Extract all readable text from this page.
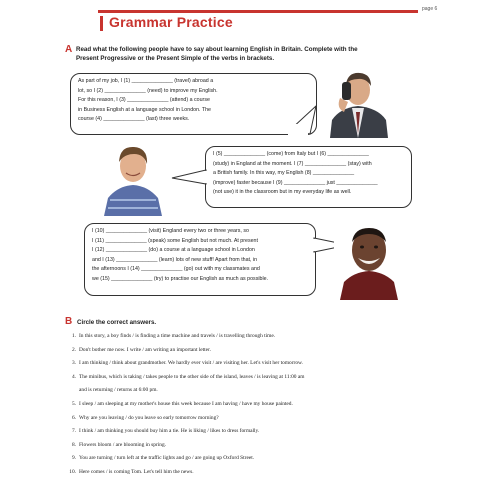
page 6
Grammar Practice
A Read what the following people have to say about learning English in Britain. Complete with the
Present Progressive or the Present Simple of the verbs in brackets.
As part of my job, I (1) ______________ (travel) abroad a
lot, so I (2) ______________ (need) to improve my English.
For this reason, I (3) ______________ (attend) a course
in Business English at a language school in London. The
course (4) ______________ (last) three weeks.
I (5) ______________ (come) from Italy but I (6) ______________
(study) in England at the moment. I (7) ______________ (stay) with
a British family. In this way, my English (8) ______________
(improve) faster because I (9) ______________ just ______________
(not use) it in the classroom but in my everyday life as well.
I (10) ______________ (visit) England every two or three years, so
I (11) ______________ (speak) some English but not much. At present
I (12) ______________ (do) a course at a language school in London
and I (13) ______________ (learn) lots of new stuff! Apart from that, in
the afternoons I (14) ______________ (go) out with my classmates and
we (15) ______________ (try) to practise our English as much as possible.
B Circle the correct answers.
1. In this story, a boy finds / is finding a time machine and travels / is travelling through time.
2. Don't bother me now. I write / am writing an important letter.
3. I am thinking / think about grandmother. We hardly ever visit / are visiting her. Let's visit her tomorrow.
4. The minibus, which is taking / takes people to the other side of the island, leaves / is leaving at 11:00 am
and is returning / returns at 6:00 pm.
5. I sleep / am sleeping at my mother's house this week because I am having / have my house painted.
6. Why are you leaving / do you leave so early tomorrow morning?
7. I think / am thinking you should buy him a tie. He is liking / likes to dress formally.
8. Flowers bloom / are blooming in spring.
9. You are turning / turn left at the traffic lights and go / are going up Oxford Street.
10. Here comes / is coming Tom. Let's tell him the news.
